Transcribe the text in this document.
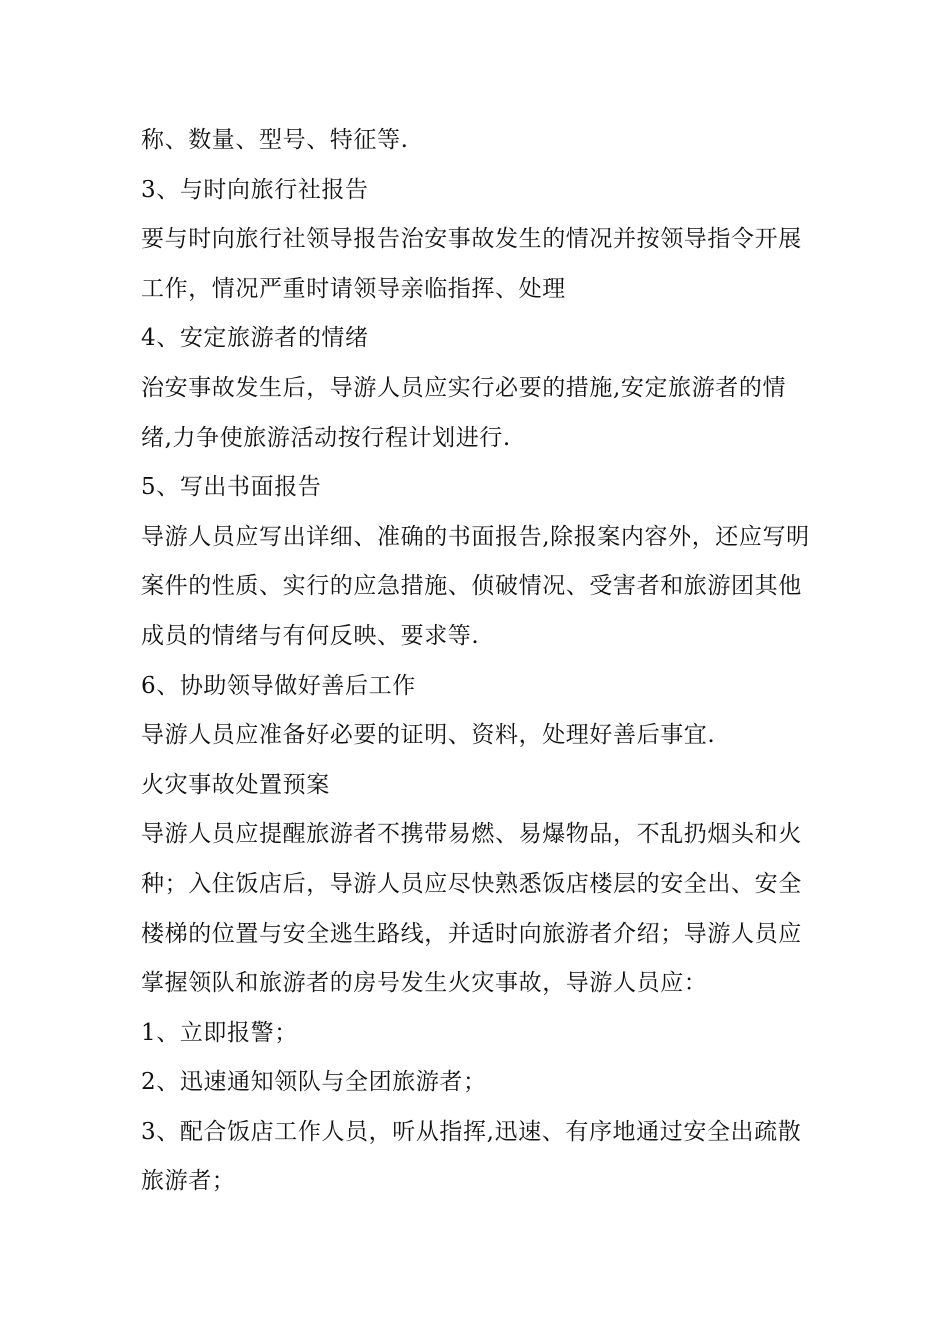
称、数量、型号、特征等.
3、与时向旅行社报告
要与时向旅行社领导报告治安事故发生的情况并按领导指令开展
工作，情况严重时请领导亲临指挥、处理
4、安定旅游者的情绪
治安事故发生后，导游人员应实行必要的措施,安定旅游者的情
绪,力争使旅游活动按行程计划进行.
5、写出书面报告
导游人员应写出详细、准确的书面报告,除报案内容外，还应写明
案件的性质、实行的应急措施、侦破情况、受害者和旅游团其他
成员的情绪与有何反映、要求等.
6、协助领导做好善后工作
导游人员应准备好必要的证明、资料，处理好善后事宜.
火灾事故处置预案
导游人员应提醒旅游者不携带易燃、易爆物品，不乱扔烟头和火
种；入住饭店后，导游人员应尽快熟悉饭店楼层的安全出、安全
楼梯的位置与安全逃生路线，并适时向旅游者介绍；导游人员应
掌握领队和旅游者的房号发生火灾事故，导游人员应：
1、立即报警；
2、迅速通知领队与全团旅游者；
3、配合饭店工作人员，听从指挥,迅速、有序地通过安全出疏散
旅游者；
